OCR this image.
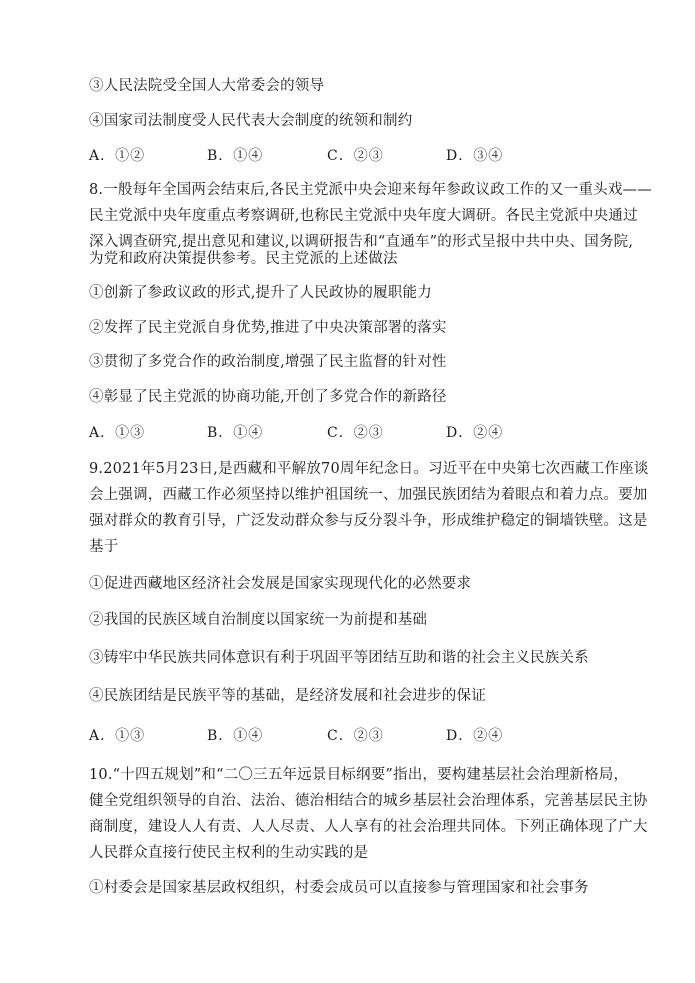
③人民法院受全国人大常委会的领导
④国家司法制度受人民代表大会制度的统领和制约
A．①②	B．①④	C．②③	D．③④
8.一般每年全国两会结束后,各民主党派中央会迎来每年参政议政工作的又一重头戏——
民主党派中央年度重点考察调研,也称民主党派中央年度大调研。各民主党派中央通过
深入调查研究,提出意见和建议,以调研报告和“直通车”的形式呈报中共中央、国务院,
为党和政府决策提供参考。民主党派的上述做法
①创新了参政议政的形式,提升了人民政协的履职能力
②发挥了民主党派自身优势,推进了中央决策部署的落实
③贯彻了多党合作的政治制度,增强了民主监督的针对性
④彰显了民主党派的协商功能,开创了多党合作的新路径
A．①③	B．①④	C．②③	D．②④
9.2021年5月23日,是西藏和平解放70周年纪念日。习近平在中央第七次西藏工作座谈
会上强调，西藏工作必须坚持以维护祖国统一、加强民族团结为着眼点和着力点。要加
强对群众的教育引导，广泛发动群众参与反分裂斗争，形成维护稳定的铜墙铁壁。这是
基于
①促进西藏地区经济社会发展是国家实现现代化的必然要求
②我国的民族区域自治制度以国家统一为前提和基础
③铸牢中华民族共同体意识有利于巩固平等团结互助和谐的社会主义民族关系
④民族团结是民族平等的基础，是经济发展和社会进步的保证
A．①③	B．①④	C．②③	D．②④
10.“十四五规划”和“二〇三五年远景目标纲要”指出，要构建基层社会治理新格局，
健全党组织领导的自治、法治、德治相结合的城乡基层社会治理体系，完善基层民主协
商制度，建设人人有责、人人尽责、人人享有的社会治理共同体。下列正确体现了广大
人民群众直接行使民主权利的生动实践的是
①村委会是国家基层政权组织，村委会成员可以直接参与管理国家和社会事务
